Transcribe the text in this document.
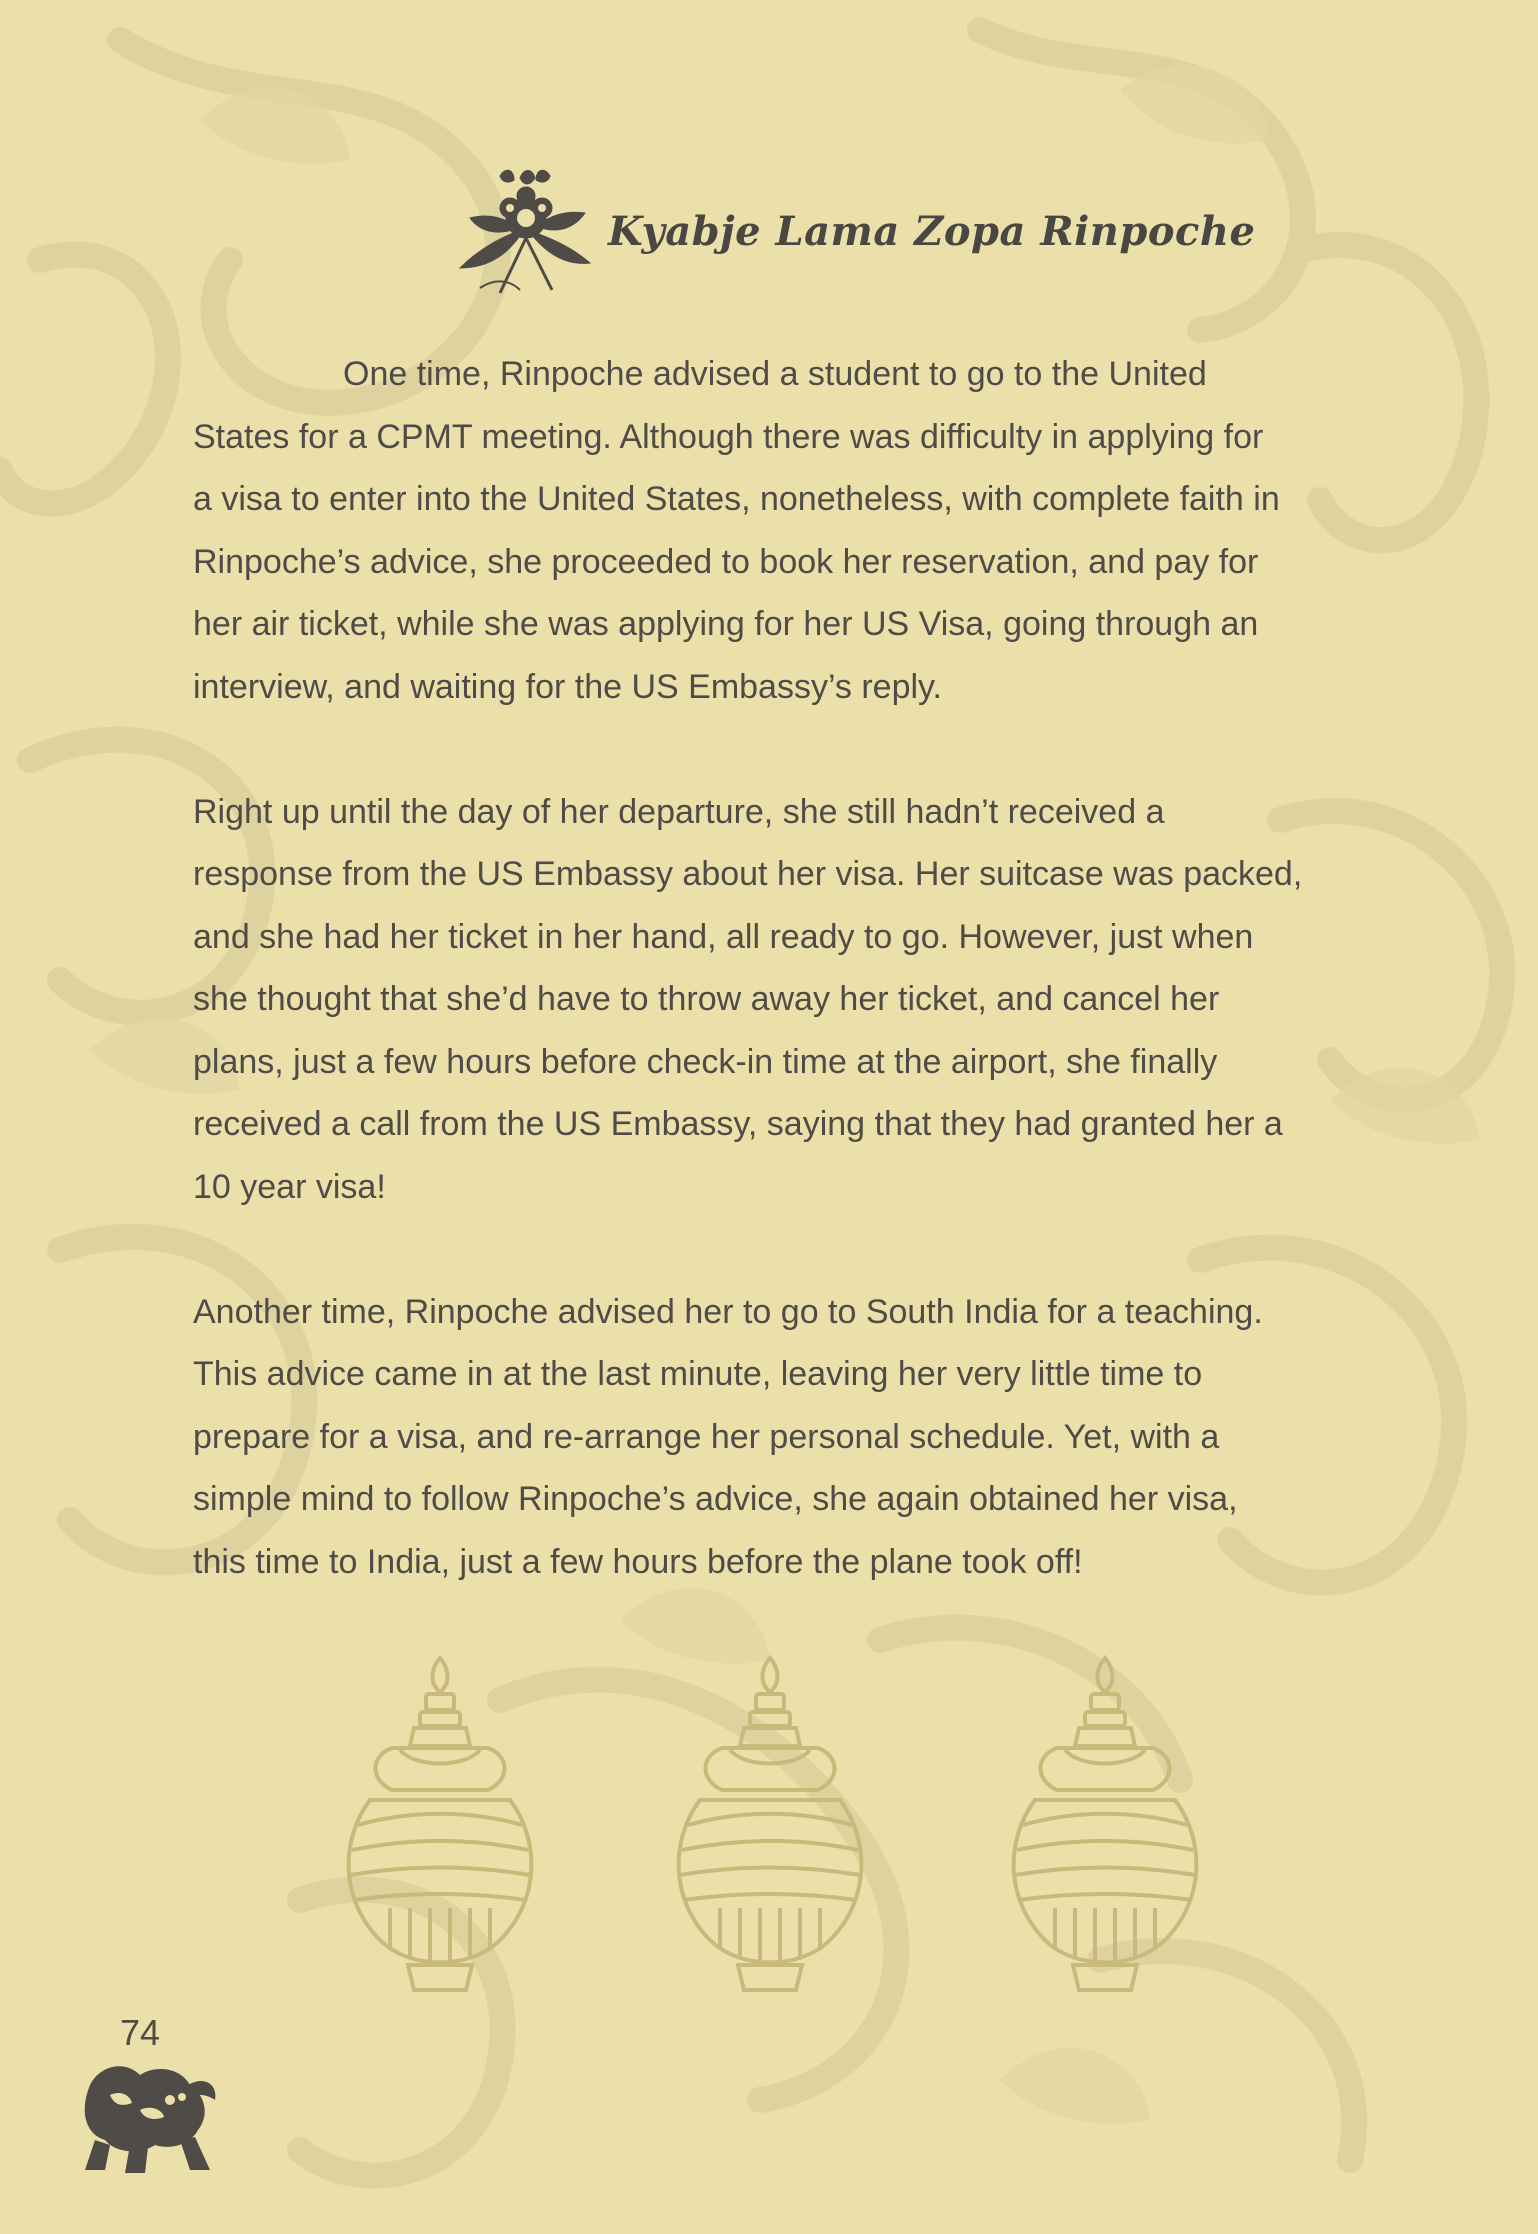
Kyabje Lama Zopa Rinpoche

One time, Rinpoche advised a student to go to the United
States for a CPMT meeting. Although there was difficulty in applying for
a visa to enter into the United States, nonetheless, with complete faith in
Rinpoche’s advice, she proceeded to book her reservation, and pay for
her air ticket, while she was applying for her US Visa, going through an
interview, and waiting for the US Embassy’s reply.

Right up until the day of her departure, she still hadn’t received a
response from the US Embassy about her visa. Her suitcase was packed,
and she had her ticket in her hand, all ready to go. However, just when
she thought that she’d have to throw away her ticket, and cancel her
plans, just a few hours before check-in time at the airport, she finally
received a call from the US Embassy, saying that they had granted her a
10 year visa!

Another time, Rinpoche advised her to go to South India for a teaching.
This advice came in at the last minute, leaving her very little time to
prepare for a visa, and re-arrange her personal schedule. Yet, with a
simple mind to follow Rinpoche’s advice, she again obtained her visa,
this time to India, just a few hours before the plane took off!

74
